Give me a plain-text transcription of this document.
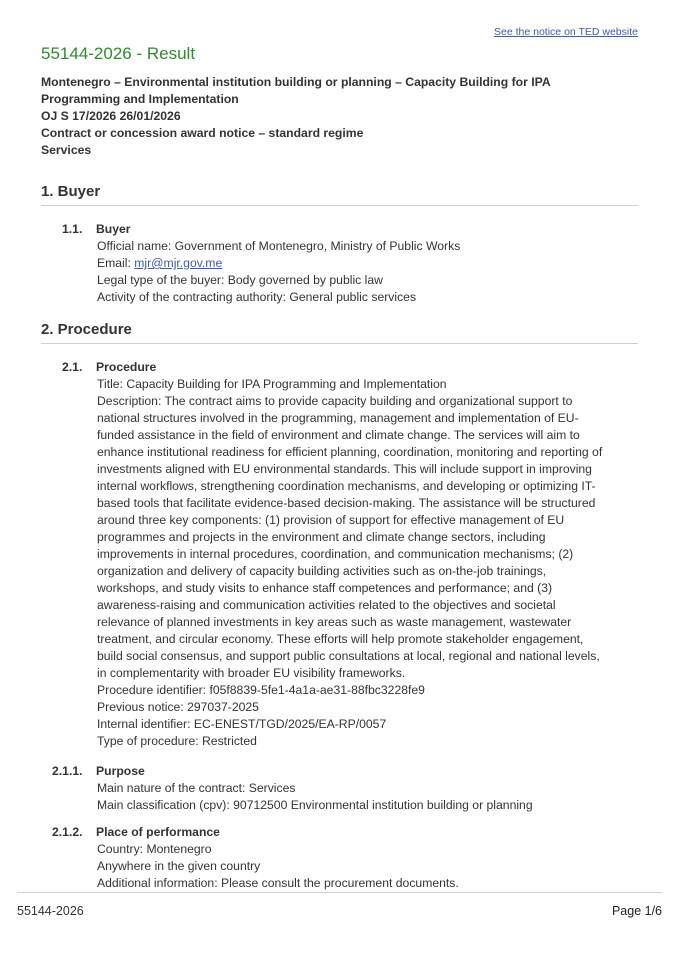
See the notice on TED website
55144-2026 - Result
Montenegro – Environmental institution building or planning – Capacity Building for IPA
Programming and Implementation
OJ S 17/2026 26/01/2026
Contract or concession award notice – standard regime
Services
1. Buyer
1.1. Buyer
Official name: Government of Montenegro, Ministry of Public Works
Email: mjr@mjr.gov.me
Legal type of the buyer: Body governed by public law
Activity of the contracting authority: General public services
2. Procedure
2.1. Procedure
Title: Capacity Building for IPA Programming and Implementation
Description: The contract aims to provide capacity building and organizational support to
national structures involved in the programming, management and implementation of EU-
funded assistance in the field of environment and climate change. The services will aim to
enhance institutional readiness for efficient planning, coordination, monitoring and reporting of
investments aligned with EU environmental standards. This will include support in improving
internal workflows, strengthening coordination mechanisms, and developing or optimizing IT-
based tools that facilitate evidence-based decision-making. The assistance will be structured
around three key components: (1) provision of support for effective management of EU
programmes and projects in the environment and climate change sectors, including
improvements in internal procedures, coordination, and communication mechanisms; (2)
organization and delivery of capacity building activities such as on-the-job trainings,
workshops, and study visits to enhance staff competences and performance; and (3)
awareness-raising and communication activities related to the objectives and societal
relevance of planned investments in key areas such as waste management, wastewater
treatment, and circular economy. These efforts will help promote stakeholder engagement,
build social consensus, and support public consultations at local, regional and national levels,
in complementarity with broader EU visibility frameworks.
Procedure identifier: f05f8839-5fe1-4a1a-ae31-88fbc3228fe9
Previous notice: 297037-2025
Internal identifier: EC-ENEST/TGD/2025/EA-RP/0057
Type of procedure: Restricted
2.1.1. Purpose
Main nature of the contract: Services
Main classification (cpv): 90712500 Environmental institution building or planning
2.1.2. Place of performance
Country: Montenegro
Anywhere in the given country
Additional information: Please consult the procurement documents.
55144-2026	Page 1/6
